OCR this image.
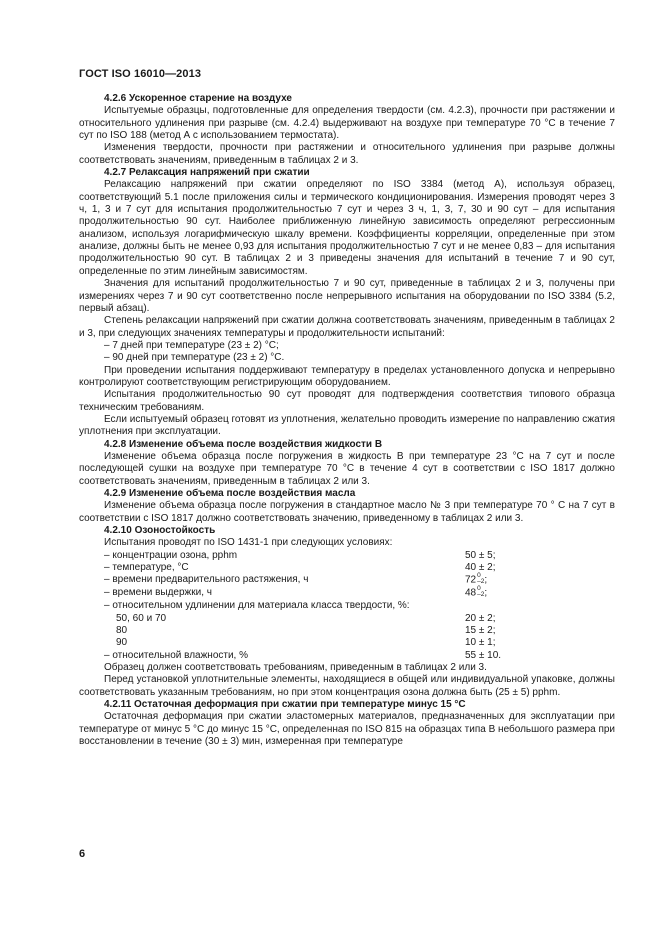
ГОСТ ISO 16010—2013
4.2.6 Ускоренное старение на воздухе

Испытуемые образцы, подготовленные для определения твердости (см. 4.2.3), прочности при растяжении и относительного удлинения при разрыве (см. 4.2.4) выдерживают на воздухе при температуре 70 °С в течение 7 сут по ISO 188 (метод А с использованием термостата).

Изменения твердости, прочности при растяжении и относительного удлинения при разрыве должны соответствовать значениям, приведенным в таблицах 2 и 3.

4.2.7 Релаксация напряжений при сжатии

Релаксацию напряжений при сжатии определяют по ISO 3384 (метод А), используя образец, соответствующий 5.1 после приложения силы и термического кондиционирования. Измерения проводят через 3 ч, 1, 3 и 7 сут для испытания продолжительностью 7 сут и через 3 ч, 1, 3, 7, 30 и 90 сут – для испытания продолжительностью 90 сут. Наиболее приближенную линейную зависимость определяют регрессионным анализом, используя логарифмическую шкалу времени. Коэффициенты корреляции, определенные при этом анализе, должны быть не менее 0,93 для испытания продолжительностью 7 сут и не менее 0,83 – для испытания продолжительностью 90 сут. В таблицах 2 и 3 приведены значения для испытаний в течение 7 и 90 сут, определенные по этим линейным зависимостям.

Значения для испытаний продолжительностью 7 и 90 сут, приведенные в таблицах 2 и 3, получены при измерениях через 7 и 90 сут соответственно после непрерывного испытания на оборудовании по ISO 3384 (5.2, первый абзац).

Степень релаксации напряжений при сжатии должна соответствовать значениям, приведенным в таблицах 2 и 3, при следующих значениях температуры и продолжительности испытаний:

– 7 дней при температуре (23 ± 2) °С;

– 90 дней при температуре (23 ± 2) °С.

При проведении испытания поддерживают температуру в пределах установленного допуска и непрерывно контролируют соответствующим регистрирующим оборудованием.

Испытания продолжительностью 90 сут проводят для подтверждения соответствия типового образца техническим требованиям.

Если испытуемый образец готовят из уплотнения, желательно проводить измерение по направлению сжатия уплотнения при эксплуатации.

4.2.8 Изменение объема после воздействия жидкости В

Изменение объема образца после погружения в жидкость В при температуре 23 °С на 7 сут и после последующей сушки на воздухе при температуре 70 °С в течение 4 сут в соответствии с ISO 1817 должно соответствовать значениям, приведенным в таблицах 2 или 3.

4.2.9 Изменение объема после воздействия масла

Изменение объема образца после погружения в стандартное масло № 3 при температуре 70 ° С на 7 сут в соответствии с ISO 1817 должно соответствовать значению, приведенному в таблицах 2 или 3.

4.2.10 Озоностойкость

Испытания проводят по ISO 1431-1 при следующих условиях:

– концентрации озона, pphm	50 ± 5;
– температуре, °С	40 ± 2;
– времени предварительного растяжения, ч	72 0
–2 ;
– времени выдержки, ч	48 0
–2 ;
– относительном удлинении для материала класса твердости, %:
50, 60 и 70	20 ± 2;
80	15 ± 2;
90	10 ± 1;
– относительной влажности, %	55 ± 10.

Образец должен соответствовать требованиям, приведенным в таблицах 2 или 3.

Перед установкой уплотнительные элементы, находящиеся в общей или индивидуальной упаковке, должны соответствовать указанным требованиям, но при этом концентрация озона должна быть (25 ± 5) pphm.

4.2.11 Остаточная деформация при сжатии при температуре минус 15 °С

Остаточная деформация при сжатии эластомерных материалов, предназначенных для эксплуатации при температуре от минус 5 °С до минус 15 °С, определенная по ISO 815 на образцах типа В небольшого размера при восстановлении в течение (30 ± 3) мин, измеренная при температуре

6
